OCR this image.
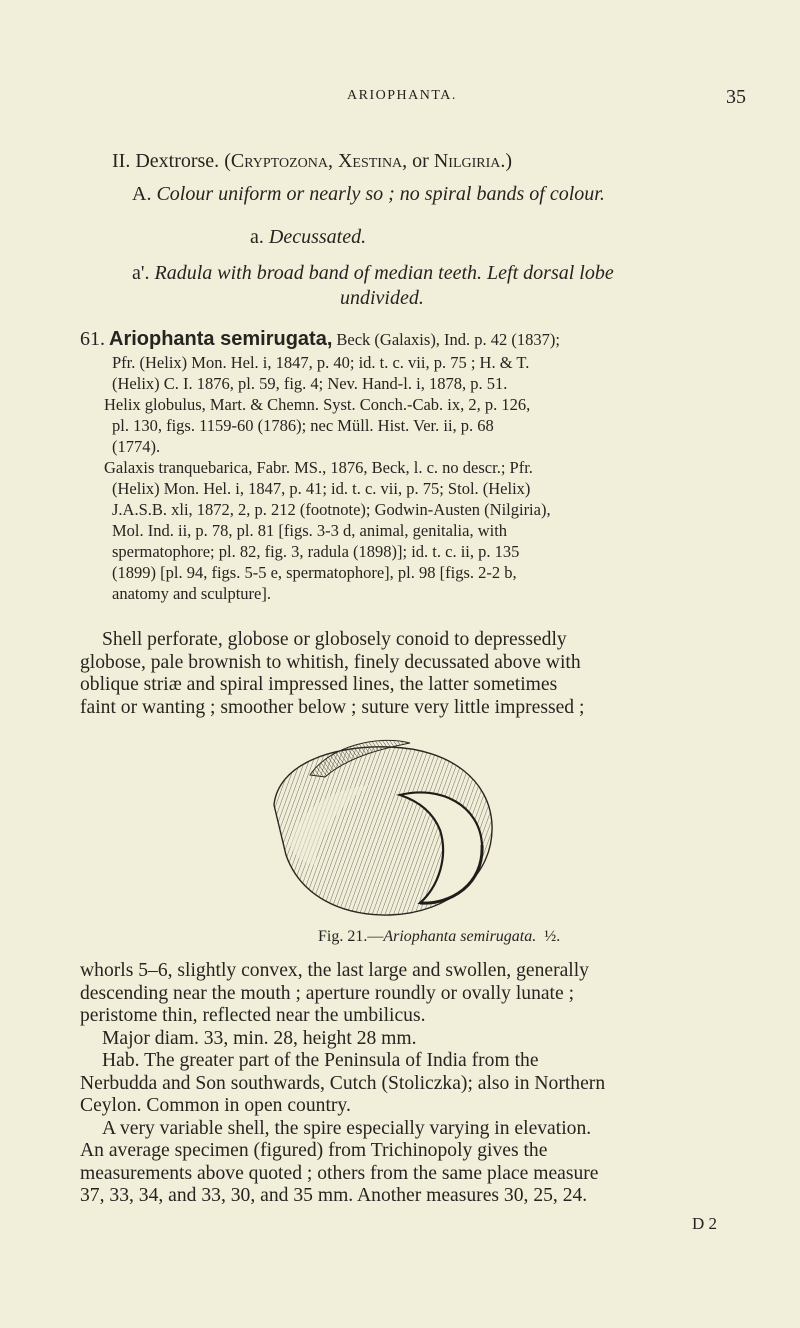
ARIOPHANTA.	35
II. Dextrorse. (Cryptozona, Xestina, or Nilgiria.)
A. Colour uniform or nearly so ; no spiral bands of colour.
a. Decussated.
a'. Radula with broad band of median teeth. Left dorsal lobe
undivided.
61. Ariophanta semirugata, Beck (Galaxis), Ind. p. 42 (1837);
Pfr. (Helix) Mon. Hel. i, 1847, p. 40; id. t. c. vii, p. 75 ; H. & T.
(Helix) C. I. 1876, pl. 59, fig. 4; Nev. Hand-l. i, 1878, p. 51.
Helix globulus, Mart. & Chemn. Syst. Conch.-Cab. ix, 2, p. 126,
pl. 130, figs. 1159-60 (1786); nec Müll. Hist. Ver. ii, p. 68
(1774).
Galaxis tranquebarica, Fabr. MS., 1876, Beck, l. c. no descr.; Pfr.
(Helix) Mon. Hel. i, 1847, p. 41; id. t. c. vii, p. 75; Stol. (Helix)
J.A.S.B. xli, 1872, 2, p. 212 (footnote); Godwin-Austen (Nilgiria),
Mol. Ind. ii, p. 78, pl. 81 [figs. 3-3 d, animal, genitalia, with
spermatophore; pl. 82, fig. 3, radula (1898)]; id. t. c. ii, p. 135
(1899) [pl. 94, figs. 5-5 e, spermatophore], pl. 98 [figs. 2-2 b,
anatomy and sculpture].
Shell perforate, globose or globosely conoid to depressedly
globose, pale brownish to whitish, finely decussated above with
oblique striæ and spiral impressed lines, the latter sometimes
faint or wanting ; smoother below ; suture very little impressed ;
Fig. 21.—Ariophanta semirugata. ½.
whorls 5–6, slightly convex, the last large and swollen, generally
descending near the mouth ; aperture roundly or ovally lunate ;
peristome thin, reflected near the umbilicus.
Major diam. 33, min. 28, height 28 mm.
Hab. The greater part of the Peninsula of India from the
Nerbudda and Son southwards, Cutch (Stoliczka); also in Northern
Ceylon. Common in open country.
A very variable shell, the spire especially varying in elevation.
An average specimen (figured) from Trichinopoly gives the
measurements above quoted ; others from the same place measure
37, 33, 34, and 33, 30, and 35 mm. Another measures 30, 25, 24.
D 2
